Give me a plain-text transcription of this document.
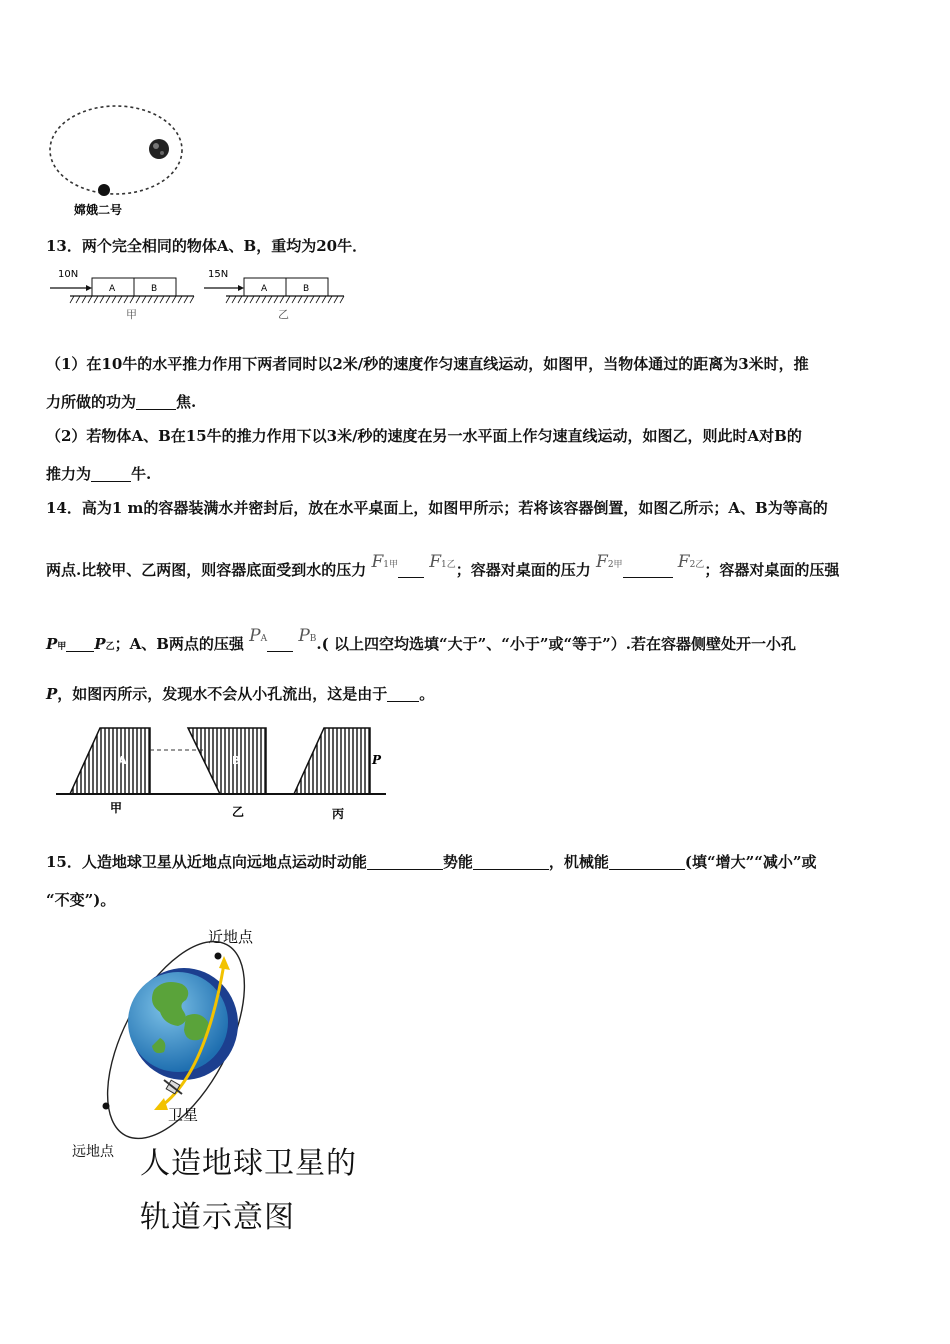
嫦娥二号
13．两个完全相同的物体A、B，重均为20牛．
10N
A	B
甲
15N
A	B
乙
（1）在10牛的水平推力作用下两者同时以2米/秒的速度作匀速直线运动，如图甲，当物体通过的距离为3米时，推
力所做的功为	焦.
（2）若物体A、B在15牛的推力作用下以3米/秒的速度在另一水平面上作匀速直线运动，如图乙，则此时A对B的
推力为	牛.
14．高为1 m的容器装满水并密封后，放在水平桌面上，如图甲所示；若将该容器倒置，如图乙所示；A、B为等高的
两点.比较甲、乙两图，则容器底面受到水的压力 F1甲 F1乙；容器对桌面的压力 F2甲	F2乙；容器对桌面的压强
P甲 P乙；A、B两点的压强 PA PB.( 以上四空均选填“大于”、“小于”或“等于”）.若在容器侧壁处开一小孔
P，如图丙所示，发现水不会从小孔流出，这是由于 。
A	B	P
甲	乙	丙
15．人造地球卫星从近地点向远地点运动时动能	势能	，机械能	(填“增大”“减小”或
“不变”)。
近地点
卫星
远地点 人造地球卫星的
轨道示意图
